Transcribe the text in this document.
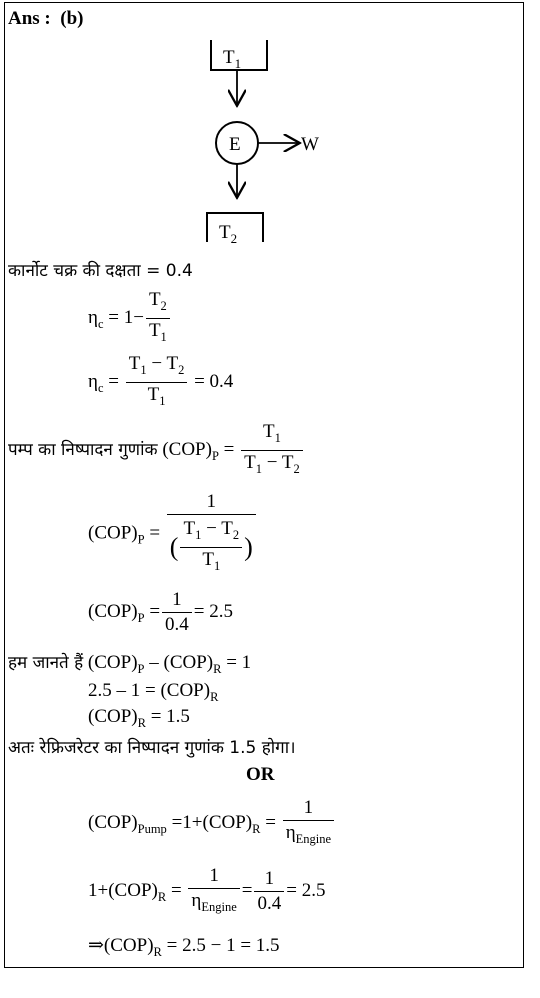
Ans : (b)
$T_1$
E	W
$T_2$
कार्नोट चक्र की दक्षता = 0.4
$\eta_c = 1- \frac{T_2}{T_1}$
$\eta_c = \frac{T_1 - T_2}{T_1} = 0.4$
पम्प का निष्पादन गुणांक $(COP)_P = \frac{T_1}{T_1 - T_2}$
$(COP)_P = \frac{1}{( \frac{T_1 - T_2}{T_1} )}$
$(COP)_P = \frac{1}{0.4} = 2.5$
हम जानते हैं $(COP)_P - (COP)_R = 1$
$2.5 - 1 = (COP)_R$
$(COP)_R = 1.5$
अतः रेफ्रिजरेटर का निष्पादन गुणांक 1.5 होगा।
OR
$(COP)_{Pump} =1+(COP)_R = \frac{1}{\eta_{Engine}}$
$1+(COP)_R = \frac{1}{\eta_{Engine}} = \frac{1}{0.4} = 2.5$
$\Rightarrow(COP)_R = 2.5 - 1 = 1.5$
